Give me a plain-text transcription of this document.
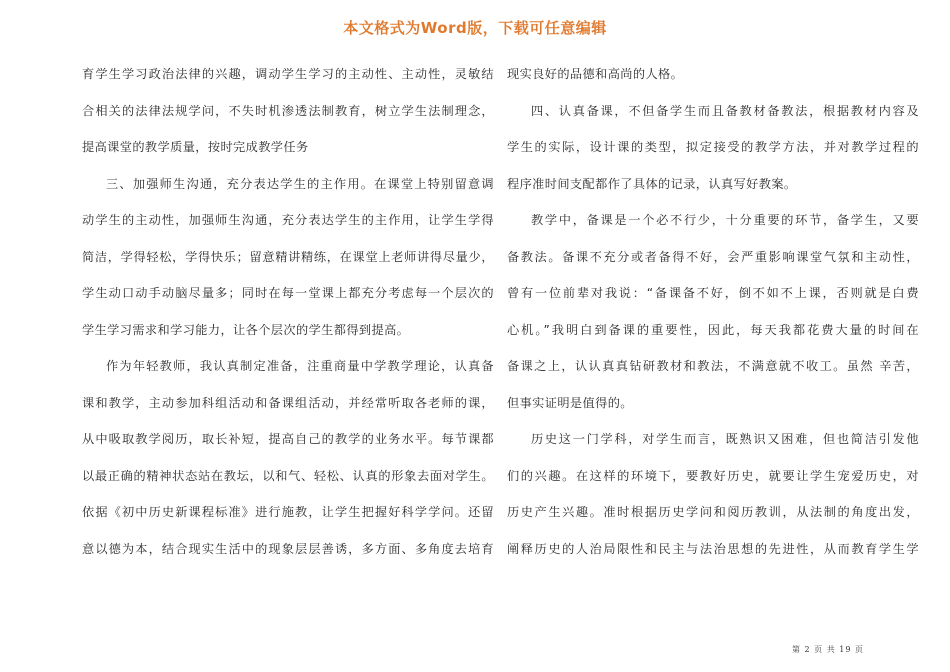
本文格式为Word版，下载可任意编辑
育学生学习政治法律的兴趣，调动学生学习的主动性、主动性，灵敏结
合相关的法律法规学问，不失时机渗透法制教育，树立学生法制理念，
提高课堂的教学质量，按时完成教学任务
三、加强师生沟通，充分表达学生的主作用。在课堂上特别留意调
动学生的主动性，加强师生沟通，充分表达学生的主作用，让学生学得
简洁，学得轻松，学得快乐；留意精讲精练，在课堂上老师讲得尽量少，
学生动口动手动脑尽量多；同时在每一堂课上都充分考虑每一个层次的
学生学习需求和学习能力，让各个层次的学生都得到提高。
作为年轻教师，我认真制定准备，注重商量中学教学理论，认真备
课和教学，主动参加科组活动和备课组活动，并经常听取各老师的课，
从中吸取教学阅历，取长补短，提高自己的教学的业务水平。每节课都
以最正确的精神状态站在教坛，以和气、轻松、认真的形象去面对学生。
依据《初中历史新课程标准》进行施教，让学生把握好科学学问。还留
意以德为本，结合现实生活中的现象层层善诱，多方面、多角度去培育
现实良好的品德和高尚的人格。
四、认真备课，不但备学生而且备教材备教法，根据教材内容及
学生的实际，设计课的类型，拟定接受的教学方法，并对教学过程的
程序准时间支配都作了具体的记录，认真写好教案。
教学中，备课是一个必不行少，十分重要的环节，备学生，又要
备教法。备课不充分或者备得不好，会严重影响课堂气氛和主动性，
曾有一位前辈对我说：“备课备不好，倒不如不上课，否则就是白费
心机。”我明白到备课的重要性，因此，每天我都花费大量的时间在
备课之上，认认真真钻研教材和教法，不满意就不收工。虽然 辛苦，
但事实证明是值得的。
历史这一门学科，对学生而言，既熟识又困难，但也简洁引发他
们的兴趣。在这样的环境下，要教好历史，就要让学生宠爱历史，对
历史产生兴趣。准时根据历史学问和阅历教训，从法制的角度出发，
阐释历史的人治局限性和民主与法治思想的先进性，从而教育学生学
第 2 页 共 19 页
